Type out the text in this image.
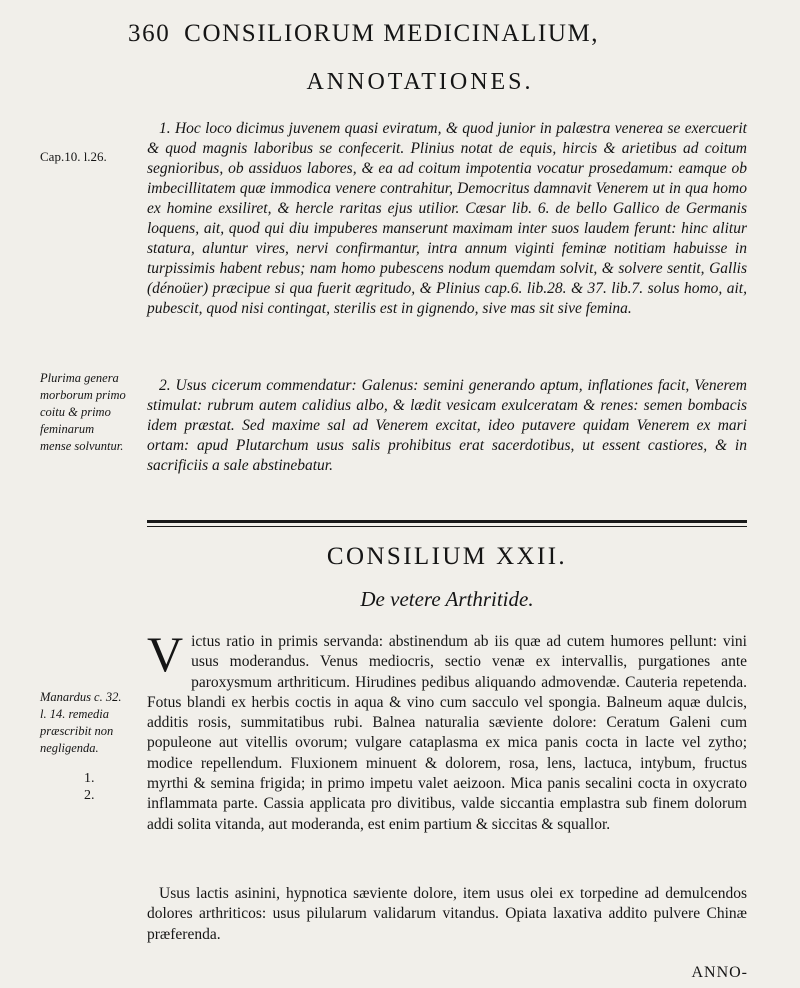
360 CONSILIORUM MEDICINALIUM,
ANNOTATIONES.
Cap.10. l.26.
1. Hoc loco dicimus juvenem quasi eviratum, & quod junior in palæstra venerea se exercuerit & quod magnis laboribus se confecerit. Plinius notat de equis, hircis & arietibus ad coitum segnioribus, ob assiduos labores, & ea ad coitum impotentia vocatur prosedamum: eamque ob imbecillitatem quæ immodica venere contrahitur, Democritus damnavit Venerem ut in qua homo ex homine exsiliret, & hercle raritas ejus utilior. Cæsar lib. 6. de bello Gallico de Germanis loquens, ait, quod qui diu impuberes manserunt maximam inter suos laudem ferunt: hinc alitur statura, aluntur vires, nervi confirmantur, intra annum viginti feminæ notitiam habuisse in turpissimis habent rebus; nam homo pubescens nodum quemdam solvit, & solvere sentit, Gallis (dénoüer) præcipue si qua fuerit ægritudo, & Plinius cap.6. lib.28. & 37. lib.7. solus homo, ait, pubescit, quod nisi contingat, sterilis est in gignendo, sive mas sit sive femina.
Plurima genera morborum primo coitu & primo feminarum mense solvuntur.
2. Usus cicerum commendatur: Galenus: semini generando aptum, inflationes facit, Venerem stimulat: rubrum autem calidius albo, & lædit vesicam exulceratam & renes: semen bombacis idem præstat. Sed maxime sal ad Venerem excitat, ideo putavere quidam Venerem ex mari ortam: apud Plutarchum usus salis prohibitus erat sacerdotibus, ut essent castiores, & in sacrificiis a sale abstinebatur.
CONSILIUM XXII.
De vetere Arthritide.
V ictus ratio in primis servanda: abstinendum ab iis quæ ad cutem humores pellunt: vini usus moderandus. Venus mediocris, sectio venæ ex intervallis, purgationes ante paroxysmum arthriticum. Hirudines pedibus aliquando admovendæ. Cauteria repetenda. Fotus blandi ex herbis coctis in aqua & vino cum sacculo vel spongia. Balneum aquæ dulcis, additis rosis, summitatibus rubi. Balnea naturalia sæviente dolore: Ceratum Galeni cum populeone aut vitellis ovorum; vulgare cataplasma ex mica panis cocta in lacte vel zytho; modice repellendum. Fluxionem minuent & dolorem, rosa, lens, lactuca, intybum, fructus myrthi & semina frigida; in primo impetu valet aeizoon. Mica panis secalini cocta in oxycrato inflammata parte. Cassia applicata pro divitibus, valde siccantia emplastra sub finem dolorum addi solita vitanda, aut moderanda, est enim partium & siccitas & squallor.
Manardus c. 32. l. 14. remedia præscribit non negligenda.
1.
2.
Usus lactis asinini, hypnotica sæviente dolore, item usus olei ex torpedine ad demulcendos dolores arthriticos: usus pilularum validarum vitandus. Opiata laxativa addito pulvere Chinæ præferenda.
ANNO-
